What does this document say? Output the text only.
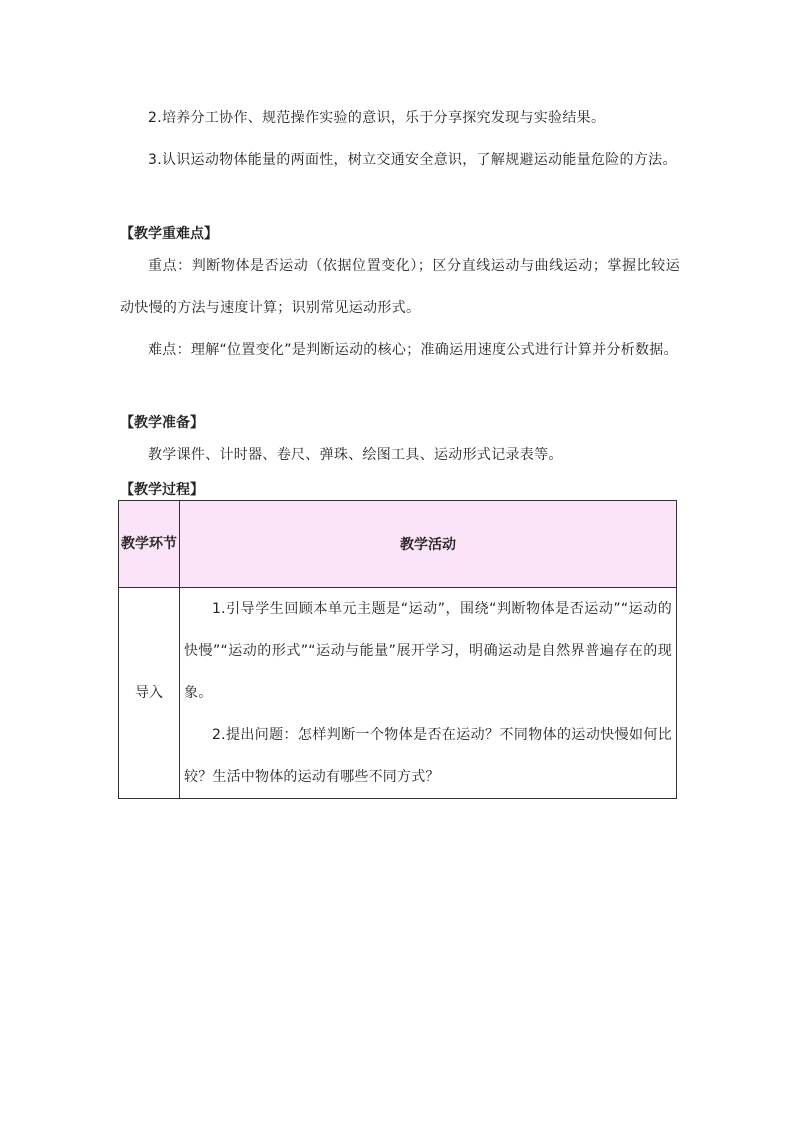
2.培养分工协作、规范操作实验的意识，乐于分享探究发现与实验结果。

3.认识运动物体能量的两面性，树立交通安全意识，了解规避运动能量危险的方法。

【教学重难点】

重点：判断物体是否运动（依据位置变化）；区分直线运动与曲线运动；掌握比较运动快慢的方法与速度计算；识别常见运动形式。

难点：理解“位置变化”是判断运动的核心；准确运用速度公式进行计算并分析数据。

【教学准备】

教学课件、计时器、卷尺、弹珠、绘图工具、运动形式记录表等。

【教学过程】

教学环节	教学活动
导入	1.引导学生回顾本单元主题是“运动”，围绕“判断物体是否运动”“运动的快慢”“运动的形式”“运动与能量”展开学习，明确运动是自然界普遍存在的现象。

2.提出问题：怎样判断一个物体是否在运动？不同物体的运动快慢如何比较？生活中物体的运动有哪些不同方式？
